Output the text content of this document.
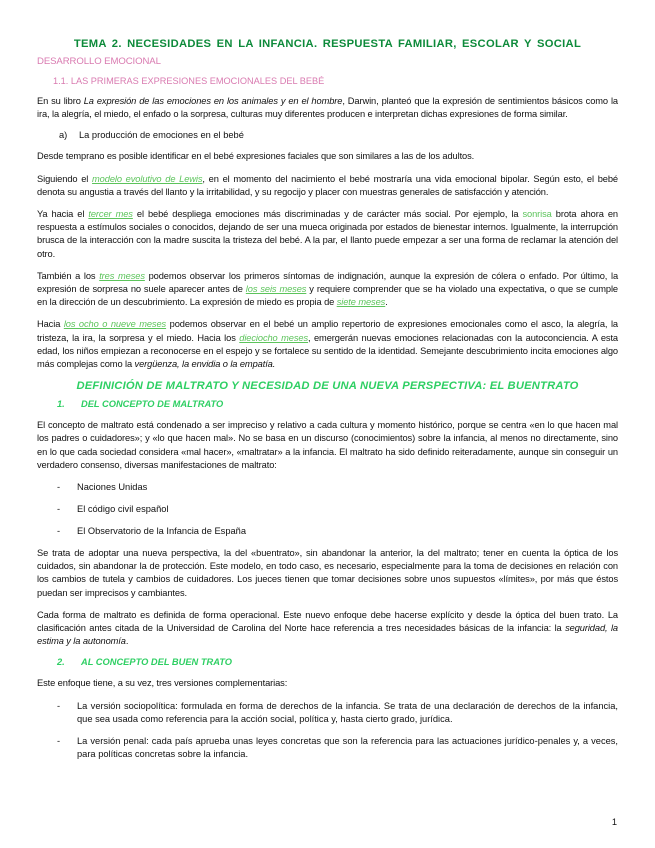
TEMA 2. NECESIDADES EN LA INFANCIA. RESPUESTA FAMILIAR, ESCOLAR Y SOCIAL
DESARROLLO EMOCIONAL
1.1. LAS PRIMERAS EXPRESIONES EMOCIONALES DEL BEBÉ

En su libro La expresión de las emociones en los animales y en el hombre, Darwin, planteó que la expresión de sentimientos básicos como la ira, la alegría, el miedo, el enfado o la sorpresa, culturas muy diferentes producen e interpretan dichas expresiones de forma similar.

a) La producción de emociones en el bebé

Desde temprano es posible identificar en el bebé expresiones faciales que son similares a las de los adultos.

Siguiendo el modelo evolutivo de Lewis, en el momento del nacimiento el bebé mostraría una vida emocional bipolar. Según esto, el bebé denota su angustia a través del llanto y la irritabilidad, y su regocijo y placer con muestras generales de satisfacción y atención.

Ya hacia el tercer mes el bebé despliega emociones más discriminadas y de carácter más social. Por ejemplo, la sonrisa brota ahora en respuesta a estímulos sociales o conocidos, dejando de ser una mueca originada por estados de bienestar internos. Igualmente, la interrupción brusca de la interacción con la madre suscita la tristeza del bebé. A la par, el llanto puede empezar a ser una forma de reclamar la atención del otro.

También a los tres meses podemos observar los primeros síntomas de indignación, aunque la expresión de cólera o enfado. Por último, la expresión de sorpresa no suele aparecer antes de los seis meses y requiere comprender que se ha violado una expectativa, o que se cumple en la dirección de un descubrimiento. La expresión de miedo es propia de siete meses.

Hacia los ocho o nueve meses podemos observar en el bebé un amplio repertorio de expresiones emocionales como el asco, la alegría, la tristeza, la ira, la sorpresa y el miedo. Hacia los dieciocho meses, emergerán nuevas emociones relacionadas con la autoconciencia. A esta edad, los niños empiezan a reconocerse en el espejo y se fortalece su sentido de la identidad. Semejante descubrimiento incita emociones algo más complejas como la vergüenza, la envidia o la empatía.

DEFINICIÓN DE MALTRATO Y NECESIDAD DE UNA NUEVA PERSPECTIVA: EL BUENTRATO
1. DEL CONCEPTO DE MALTRATO

El concepto de maltrato está condenado a ser impreciso y relativo a cada cultura y momento histórico, porque se centra «en lo que hacen mal los padres o cuidadores»; y «lo que hacen mal». No se basa en un discurso (conocimientos) sobre la infancia, al menos no directamente, sino en lo que cada sociedad considera «mal hacer», «maltratar» a la infancia. El maltrato ha sido definido reiteradamente, aunque sin conseguir un verdadero consenso, diversas manifestaciones de maltrato:

- Naciones Unidas
- El código civil español
- El Observatorio de la Infancia de España

Se trata de adoptar una nueva perspectiva, la del «buentrato», sin abandonar la anterior, la del maltrato; tener en cuenta la óptica de los cuidados, sin abandonar la de protección. Este modelo, en todo caso, es necesario, especialmente para la toma de decisiones en relación con los cambios de tutela y cambios de cuidadores. Los jueces tienen que tomar decisiones sobre unos supuestos «límites», por más que éstos puedan ser imprecisos y cambiantes.

Cada forma de maltrato es definida de forma operacional. Este nuevo enfoque debe hacerse explícito y desde la óptica del buen trato. La clasificación antes citada de la Universidad de Carolina del Norte hace referencia a tres necesidades básicas de la infancia: la seguridad, la estima y la autonomía.

2. AL CONCEPTO DEL BUEN TRATO

Este enfoque tiene, a su vez, tres versiones complementarias:

- La versión sociopolítica: formulada en forma de derechos de la infancia. Se trata de una declaración de derechos de la infancia, que sea usada como referencia para la acción social, política y, hasta cierto grado, jurídica.
- La versión penal: cada país aprueba unas leyes concretas que son la referencia para las actuaciones jurídico-penales y, a veces, para políticas concretas sobre la infancia.
1
